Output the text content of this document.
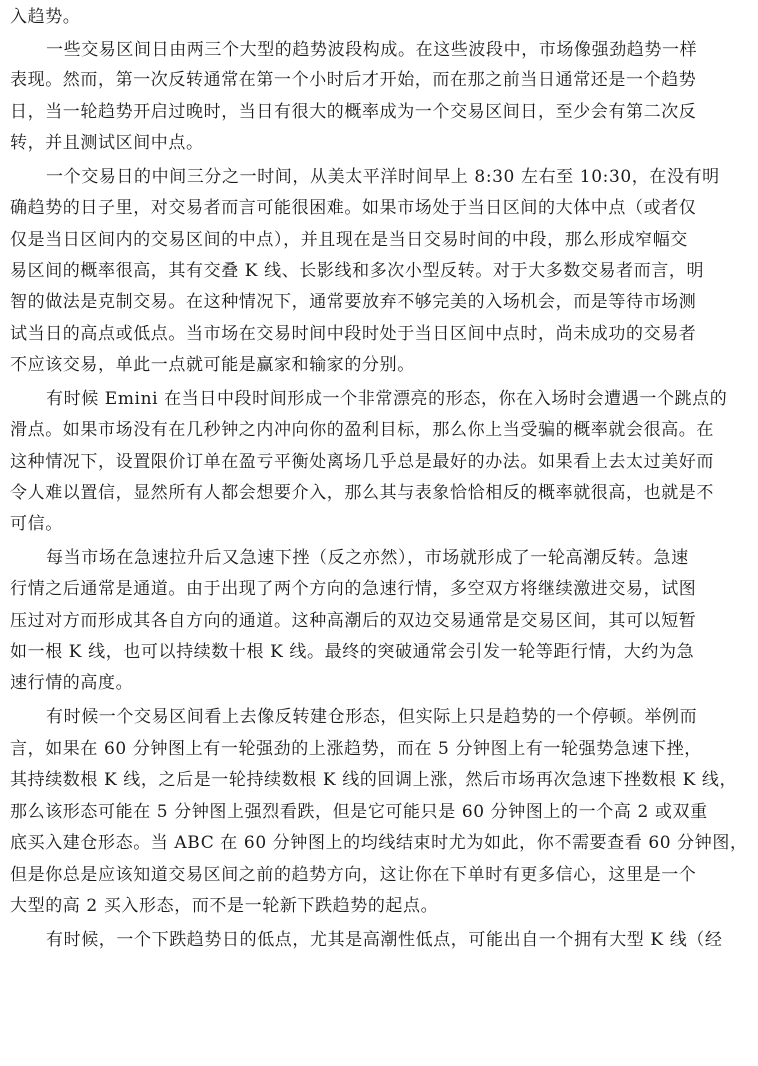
入趋势。
一些交易区间日由两三个大型的趋势波段构成。在这些波段中，市场像强劲趋势一样
表现。然而，第一次反转通常在第一个小时后才开始，而在那之前当日通常还是一个趋势
日，当一轮趋势开启过晚时，当日有很大的概率成为一个交易区间日，至少会有第二次反
转，并且测试区间中点。
一个交易日的中间三分之一时间，从美太平洋时间早上 8:30 左右至 10:30，在没有明
确趋势的日子里，对交易者而言可能很困难。如果市场处于当日区间的大体中点（或者仅
仅是当日区间内的交易区间的中点），并且现在是当日交易时间的中段，那么形成窄幅交
易区间的概率很高，其有交叠 K 线、长影线和多次小型反转。对于大多数交易者而言，明
智的做法是克制交易。在这种情况下，通常要放弃不够完美的入场机会，而是等待市场测
试当日的高点或低点。当市场在交易时间中段时处于当日区间中点时，尚未成功的交易者
不应该交易，单此一点就可能是赢家和输家的分别。
有时候 Emini 在当日中段时间形成一个非常漂亮的形态，你在入场时会遭遇一个跳点的
滑点。如果市场没有在几秒钟之内冲向你的盈利目标，那么你上当受骗的概率就会很高。在
这种情况下，设置限价订单在盈亏平衡处离场几乎总是最好的办法。如果看上去太过美好而
令人难以置信，显然所有人都会想要介入，那么其与表象恰恰相反的概率就很高，也就是不
可信。
每当市场在急速拉升后又急速下挫（反之亦然），市场就形成了一轮高潮反转。急速
行情之后通常是通道。由于出现了两个方向的急速行情，多空双方将继续激进交易，试图
压过对方而形成其各自方向的通道。这种高潮后的双边交易通常是交易区间，其可以短暂
如一根 K 线，也可以持续数十根 K 线。最终的突破通常会引发一轮等距行情，大约为急
速行情的高度。
有时候一个交易区间看上去像反转建仓形态，但实际上只是趋势的一个停顿。举例而
言，如果在 60 分钟图上有一轮强劲的上涨趋势，而在 5 分钟图上有一轮强势急速下挫，
其持续数根 K 线，之后是一轮持续数根 K 线的回调上涨，然后市场再次急速下挫数根 K 线，
那么该形态可能在 5 分钟图上强烈看跌，但是它可能只是 60 分钟图上的一个高 2 或双重
底买入建仓形态。当 ABC 在 60 分钟图上的均线结束时尤为如此，你不需要查看 60 分钟图，
但是你总是应该知道交易区间之前的趋势方向，这让你在下单时有更多信心，这里是一个
大型的高 2 买入形态，而不是一轮新下跌趋势的起点。
有时候，一个下跌趋势日的低点，尤其是高潮性低点，可能出自一个拥有大型 K 线（经
